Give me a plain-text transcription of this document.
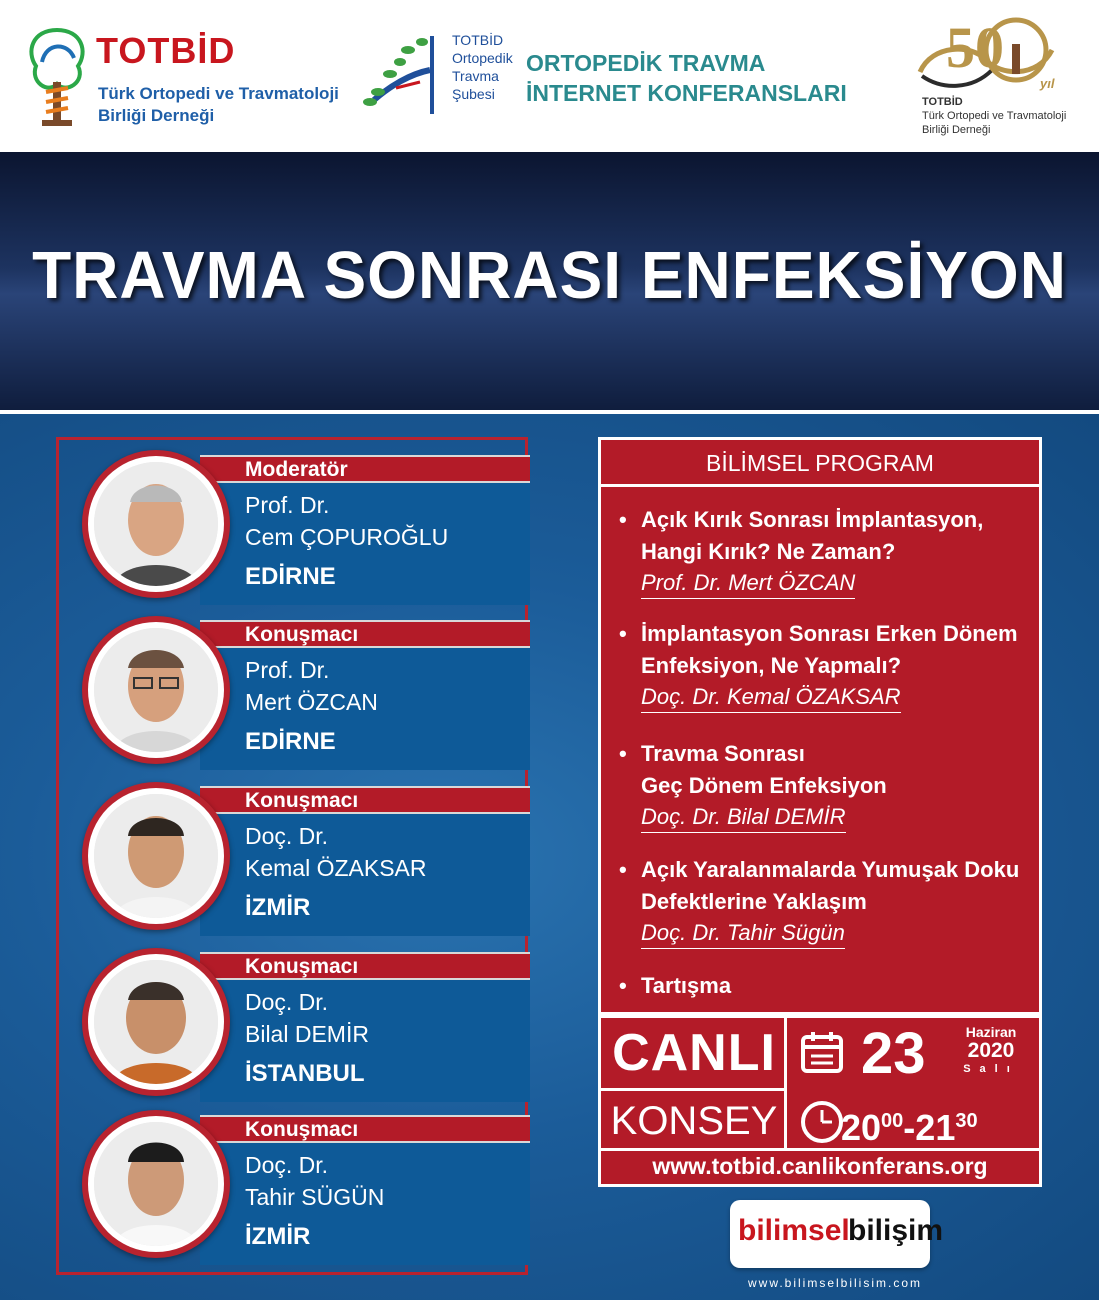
TOTBİD
Türk Ortopedi ve Travmatoloji
Birliği Derneği
TOTBİD
Ortopedik
Travma
Şubesi
ORTOPEDİK TRAVMA
İNTERNET KONFERANSLARI
50
yıl
TOTBİD
Türk Ortopedi ve Travmatoloji
Birliği Derneği
TRAVMA SONRASI ENFEKSİYON
Moderatör
Prof. Dr.
Cem ÇOPUROĞLU
EDİRNE
Konuşmacı
Prof. Dr.
Mert ÖZCAN
EDİRNE
Konuşmacı
Doç. Dr.
Kemal ÖZAKSAR
İZMİR
Konuşmacı
Doç. Dr.
Bilal DEMİR
İSTANBUL
Konuşmacı
Doç. Dr.
Tahir SÜGÜN
İZMİR
BİLİMSEL PROGRAM
• Açık Kırık Sonrası İmplantasyon,
Hangi Kırık? Ne Zaman?
Prof. Dr. Mert ÖZCAN
• İmplantasyon Sonrası Erken Dönem
Enfeksiyon, Ne Yapmalı?
Doç. Dr. Kemal ÖZAKSAR
• Travma Sonrası
Geç Dönem Enfeksiyon
Doç. Dr. Bilal DEMİR
• Açık Yaralanmalarda Yumuşak Doku
Defektlerine Yaklaşım
Doç. Dr. Tahir Sügün
• Tartışma
CANLI
KONSEY
23	Haziran
2020
Salı
$20^{00}-21^{30}$
www.totbid.canlikonferans.org
bilimsel
bilişim
www.bilimselbilisim.com
